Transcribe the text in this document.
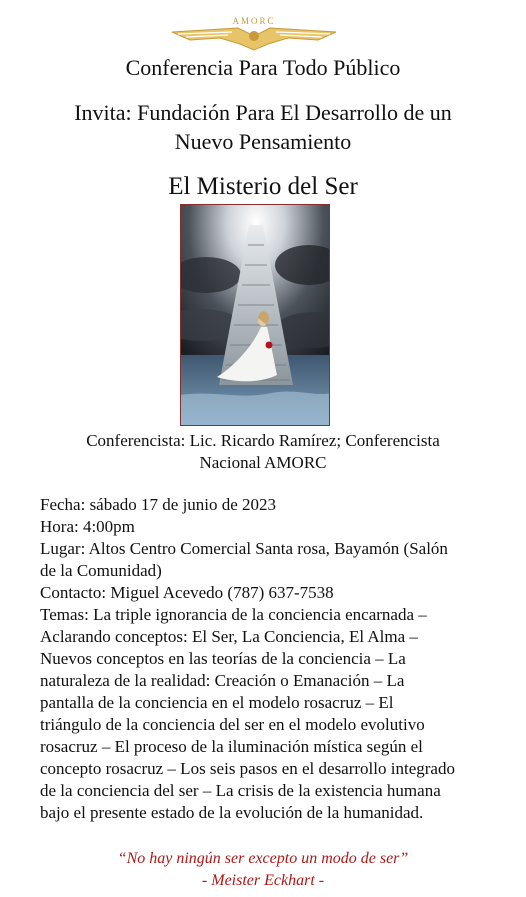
AMORC
Conferencia Para Todo Público
Invita: Fundación Para El Desarrollo de un
Nuevo Pensamiento
El Misterio del Ser
Conferencista: Lic. Ricardo Ramírez; Conferencista
Nacional AMORC

Fecha: sábado 17 de junio de 2023

Hora: 4:00pm

Lugar: Altos Centro Comercial Santa rosa, Bayamón (Salón

de la Comunidad)

Contacto: Miguel Acevedo (787) 637-7538

Temas: La triple ignorancia de la conciencia encarnada –

Aclarando conceptos: El Ser, La Conciencia, El Alma –

Nuevos conceptos en las teorías de la conciencia – La

naturaleza de la realidad: Creación o Emanación – La

pantalla de la conciencia en el modelo rosacruz – El

triángulo de la conciencia del ser en el modelo evolutivo

rosacruz – El proceso de la iluminación mística según el

concepto rosacruz – Los seis pasos en el desarrollo integrado

de la conciencia del ser – La crisis de la existencia humana

bajo el presente estado de la evolución de la humanidad.

“No hay ningún ser excepto un modo de ser”
- Meister Eckhart -
